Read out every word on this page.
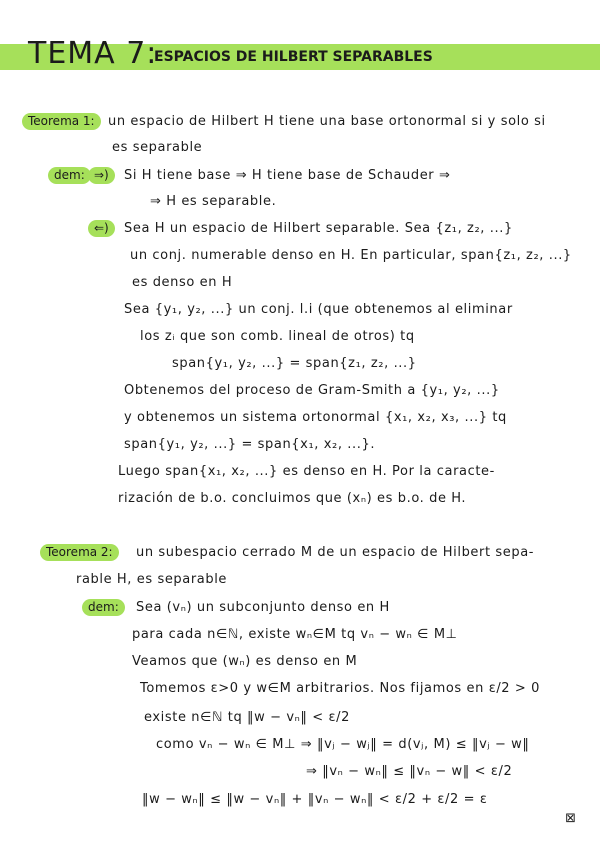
TEMA 7:
ESPACIOS DE HILBERT SEPARABLES
Teorema 1:	un espacio de Hilbert H tiene una base ortonormal si y solo si
es separable
dem: ⇒)	Si H tiene base ⇒ H tiene base de Schauder ⇒
⇒ H es separable.
⇐)	Sea H un espacio de Hilbert separable. Sea {z₁, z₂, ...}
un conj. numerable denso en H. En particular, span{z₁, z₂, ...}
es denso en H
Sea {y₁, y₂, ...} un conj. l.i (que obtenemos al eliminar
los zᵢ que son comb. lineal de otros) tq
span{y₁, y₂, ...} = span{z₁, z₂, ...}
Obtenemos del proceso de Gram-Smith a {y₁, y₂, ...}
y obtenemos un sistema ortonormal {x₁, x₂, x₃, ...} tq
span{y₁, y₂, ...} = span{x₁, x₂, ...}.
Luego span{x₁, x₂, ...} es denso en H. Por la caracte-
rización de b.o. concluimos que (xₙ) es b.o. de H.
Teorema 2:	un subespacio cerrado M de un espacio de Hilbert sepa-
rable H, es separable
dem:	Sea (vₙ) un subconjunto denso en H
para cada n∈ℕ, existe wₙ∈M tq vₙ − wₙ ∈ M⊥
Veamos que (wₙ) es denso en M
Tomemos ε>0 y w∈M arbitrarios. Nos fijamos en ε/2 > 0
existe n∈ℕ tq ‖w − vₙ‖ < ε/2
como vₙ − wₙ ∈ M⊥ ⇒ ‖vⱼ − wⱼ‖ = d(vⱼ, M) ≤ ‖vⱼ − w‖
⇒ ‖vₙ − wₙ‖ ≤ ‖vₙ − w‖ < ε/2
‖w − wₙ‖ ≤ ‖w − vₙ‖ + ‖vₙ − wₙ‖ < ε/2 + ε/2 = ε
⊠
